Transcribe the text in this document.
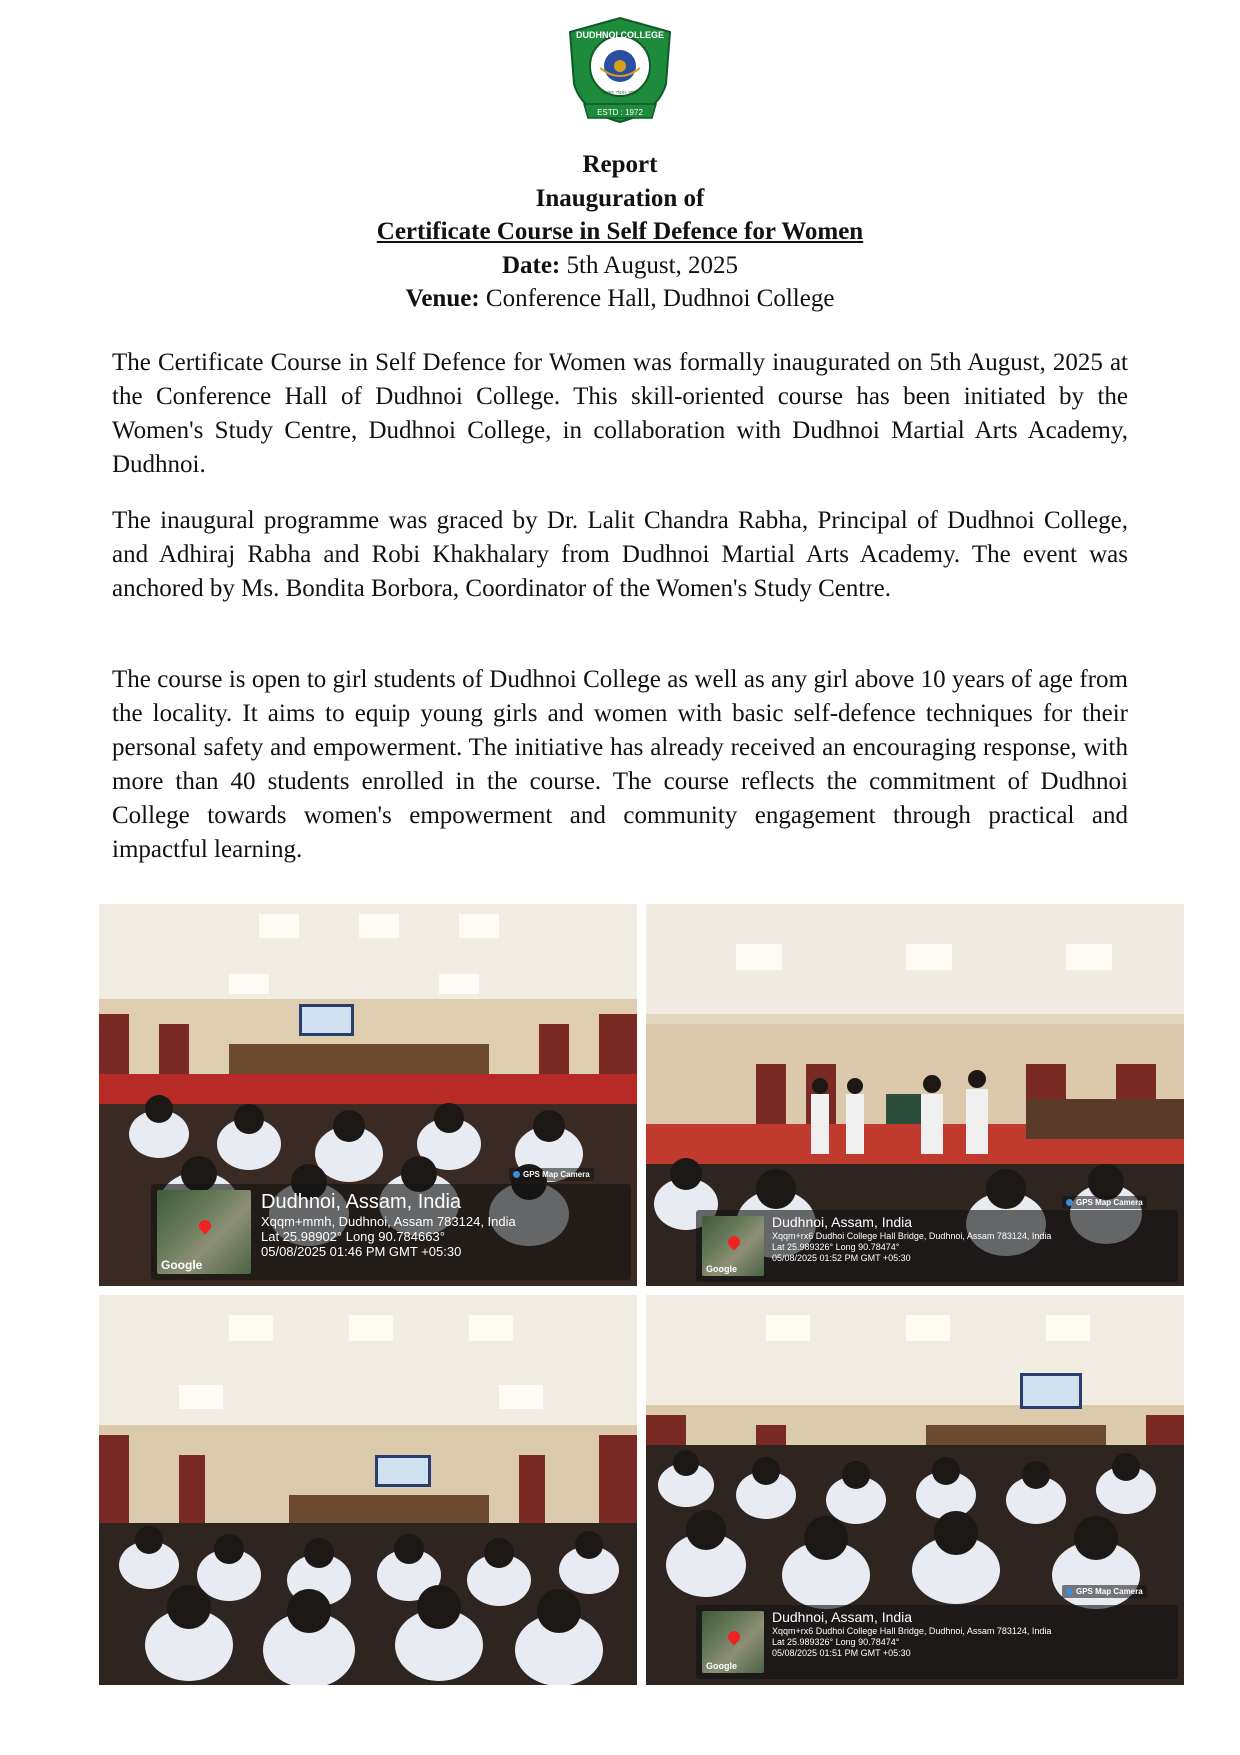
DUDHNOI COLLEGE
ESTD : 1972
জ্ঞানং পরমং বলম্
Report
Inauguration of
Certificate Course in Self Defence for Women
Date: 5th August, 2025
Venue: Conference Hall, Dudhnoi College

The Certificate Course in Self Defence for Women was formally inaugurated on 5th August, 2025 at the Conference Hall of Dudhnoi College. This skill-oriented course has been initiated by the Women's Study Centre, Dudhnoi College, in collaboration with Dudhnoi Martial Arts Academy, Dudhnoi.

The inaugural programme was graced by Dr. Lalit Chandra Rabha, Principal of Dudhnoi College, and Adhiraj Rabha and Robi Khakhalary from Dudhnoi Martial Arts Academy. The event was anchored by Ms. Bondita Borbora, Coordinator of the Women's Study Centre.

The course is open to girl students of Dudhnoi College as well as any girl above 10 years of age from the locality. It aims to equip young girls and women with basic self-defence techniques for their personal safety and empowerment. The initiative has already received an encouraging response, with more than 40 students enrolled in the course. The course reflects the commitment of Dudhnoi College towards women's empowerment and community engagement through practical and impactful learning.

GPS Map Camera
Google
Dudhnoi, Assam, India
Xqqm+mmh, Dudhnoi, Assam 783124, India
Lat 25.98902° Long 90.784663°
05/08/2025 01:46 PM GMT +05:30
GPS Map Camera
Google
Dudhnoi, Assam, India
Xqqm+rx6 Dudhoi College Hall Bridge, Dudhnoi, Assam 783124, India
Lat 25.989326° Long 90.78474°
05/08/2025 01:52 PM GMT +05:30
GPS Map Camera
Google
Dudhnoi, Assam, India
Xqqm+rx6 Dudhoi College Hall Bridge, Dudhnoi, Assam 783124, India
Lat 25.989326° Long 90.78474°
05/08/2025 01:51 PM GMT +05:30
